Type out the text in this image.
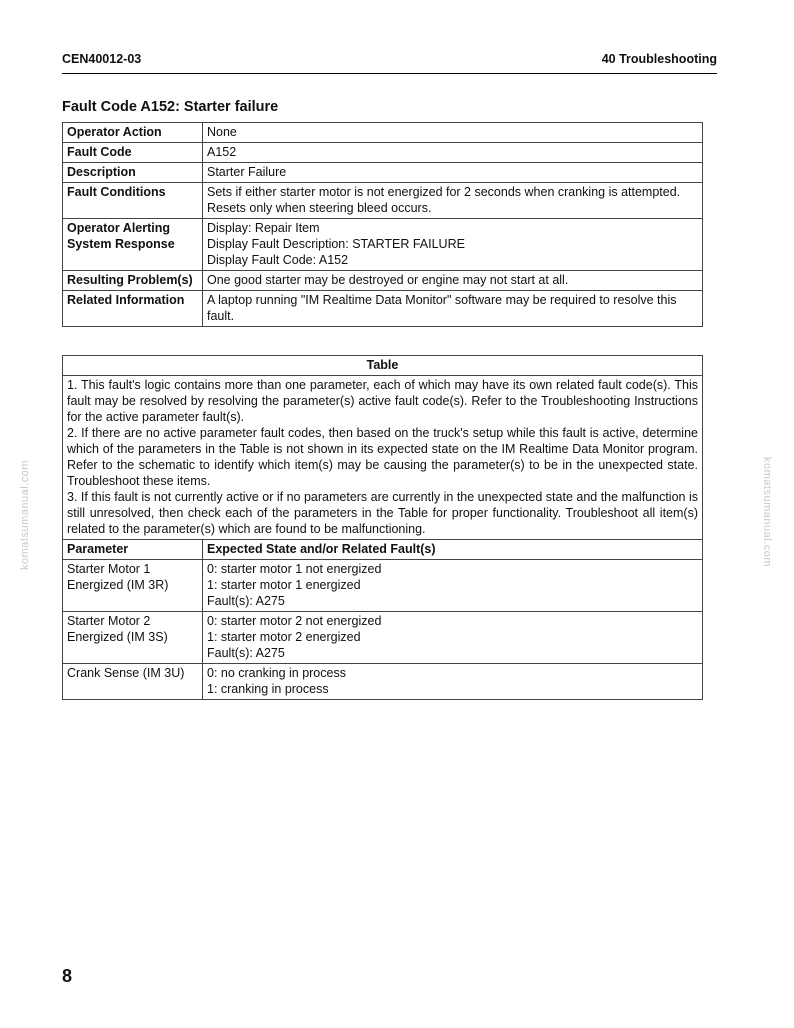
CEN40012-03	40 Troubleshooting
Fault Code A152: Starter failure
Operator Action	None

Fault Code	A152

Description	Starter Failure

Fault Conditions	Sets if either starter motor is not energized for 2 seconds when cranking is attempted.
Resets only when steering bleed occurs.

Operator Alerting System Response	Display: Repair Item
Display Fault Description: STARTER FAILURE
Display Fault Code: A152

Resulting Problem(s)	One good starter may be destroyed or engine may not start at all.

Related Information	A laptop running "IM Realtime Data Monitor" software may be required to resolve this fault.
Table	

1. This fault's logic contains more than one parameter, each of which may have its own related fault code(s). This fault may be resolved by resolving the parameter(s) active fault code(s). Refer to the Troubleshooting Instructions for the active parameter fault(s).
2. If there are no active parameter fault codes, then based on the truck's setup while this fault is active, determine which of the parameters in the Table is not shown in its expected state on the IM Realtime Data Monitor program. Refer to the schematic to identify which item(s) may be causing the parameter(s) to be in the unexpected state. Troubleshoot these items.
3. If this fault is not currently active or if no parameters are currently in the unexpected state and the malfunction is still unresolved, then check each of the parameters in the Table for proper functionality. Troubleshoot all item(s) related to the parameter(s) which are found to be malfunctioning.	

Parameter	Expected State and/or Related Fault(s)

Starter Motor 1
Energized (IM 3R)	0: starter motor 1 not energized
1: starter motor 1 energized
Fault(s): A275

Starter Motor 2
Energized (IM 3S)	0: starter motor 2 not energized
1: starter motor 2 energized
Fault(s): A275

Crank Sense (IM 3U)	0: no cranking in process
1: cranking in process
komatsumanual.com	komatsumanual.com
8
